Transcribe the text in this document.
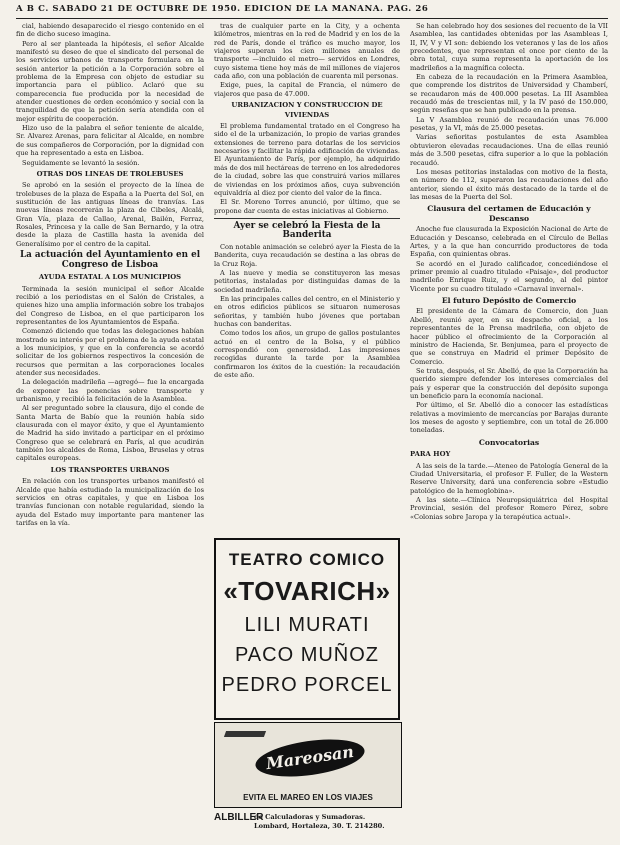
A B C. SABADO 21 DE OCTUBRE DE 1950. EDICION DE LA MAÑANA. PAG. 26

cial, habiendo desaparecido el riesgo contenido en el fin de dicho suceso imagina.

Pero al ser planteada la hipótesis, el señor Alcalde manifestó su deseo de que el sindicato del personal de los servicios urbanos de transporte formulara en la sesión anterior la petición a la Corporación sobre el problema de la Empresa con objeto de estudiar su importancia para el público. Aclaró que su comparecencia fue producida por la necesidad de atender cuestiones de orden económico y social con la tranquilidad de que la petición sería atendida con el mejor espíritu de cooperación.

Hizo uso de la palabra el señor teniente de alcalde, Sr. Alvarez Arenas, para felicitar al Alcalde, en nombre de sus compañeros de Corporación, por la dignidad con que ha representado a esta en Lisboa.

Seguidamente se levantó la sesión.

OTRAS DOS LINEAS DE TROLEBUSES

Se aprobó en la sesión el proyecto de la línea de trolebuses de la plaza de España a la Puerta del Sol, en sustitución de las antiguas líneas de tranvías. Las nuevas líneas recorrerán la plaza de Cibeles, Alcalá, Gran Vía, plaza de Callao, Arenal, Bailén, Ferraz, Rosales, Princesa y la calle de San Bernardo, y la otra desde la plaza de Castilla hasta la avenida del Generalísimo por el centro de la capital.

La actuación del Ayuntamiento en el Congreso de Lisboa
AYUDA ESTATAL A LOS MUNICIPIOS

Terminada la sesión municipal el señor Alcalde recibió a los periodistas en el Salón de Cristales, a quienes hizo una amplia información sobre los trabajos del Congreso de Lisboa, en el que participaron los representantes de los Ayuntamientos de España.

Comenzó diciendo que todas las delegaciones habían mostrado su interés por el problema de la ayuda estatal a los municipios, y que en la conferencia se acordó solicitar de los gobiernos respectivos la concesión de recursos que permitan a las corporaciones locales atender sus necesidades.

La delegación madrileña —agregó— fue la encargada de exponer las ponencias sobre transporte y urbanismo, y recibió la felicitación de la Asamblea.

Al ser preguntado sobre la clausura, dijo el conde de Santa Marta de Babío que la reunión había sido clausurada con el mayor éxito, y que el Ayuntamiento de Madrid ha sido invitado a participar en el próximo Congreso que se celebrará en París, al que acudirán también los alcaldes de Roma, Lisboa, Bruselas y otras capitales europeas.

LOS TRANSPORTES URBANOS

En relación con los transportes urbanos manifestó el Alcalde que había estudiado la municipalización de los servicios en otras capitales, y que en Lisboa los tranvías funcionan con notable regularidad, siendo la ayuda del Estado muy importante para mantener las tarifas en la vía.

tras de cualquier parte en la City, y a ochenta kilómetros, mientras en la red de Madrid y en los de la red de París, donde el tráfico es mucho mayor, los viajeros superan los cien millones anuales de transporte —incluido el metro— servidos en Londres, cuyo sistema tiene hoy más de mil millones de viajeros cada año, con una población de cuarenta mil personas.

Exige, pues, la capital de Francia, el número de viajeros que pasa de 47.000.

URBANIZACION Y CONSTRUCCION DE VIVIENDAS

El problema fundamental tratado en el Congreso ha sido el de la urbanización, lo propio de varias grandes extensiones de terreno para dotarlas de los servicios necesarios y facilitar la rápida edificación de viviendas. El Ayuntamiento de París, por ejemplo, ha adquirido más de dos mil hectáreas de terreno en los alrededores de la ciudad, sobre las que construirá varios millares de viviendas en los próximos años, cuya subvención equivaldría al diez por ciento del valor de la finca.

El Sr. Moreno Torres anunció, por último, que se propone dar cuenta de estas iniciativas al Gobierno.

Ayer se celebró la Fiesta de la Banderita

Con notable animación se celebró ayer la Fiesta de la Banderita, cuya recaudación se destina a las obras de la Cruz Roja.

A las nueve y media se constituyeron las mesas petitorias, instaladas por distinguidas damas de la sociedad madrileña.

En las principales calles del centro, en el Ministerio y en otros edificios públicos se situaron numerosas señoritas, y también hubo jóvenes que portaban huchas con banderitas.

Como todos los años, un grupo de gallos postulantes actuó en el centro de la Bolsa, y el público correspondió con generosidad. Las impresiones recogidas durante la tarde por la Asamblea confirmaron los éxitos de la cuestión: la recaudación de este año.

TEATRO COMICO
«TOVARICH»
LILI MURATI
PACO MUÑOZ
PEDRO PORCEL
Mareosan
EVITA EL MAREO EN LOS VIAJES
ALBILLER
de Calculadoras y Sumadoras. Lombard, Hortaleza, 30. T. 214280.

Se han celebrado hoy dos sesiones del recuento de la VII Asamblea, las cantidades obtenidas por las Asambleas I, II, IV, V y VI son: debiendo los veteranos y las de los años precedentes, que representan el once por ciento de la obra total, cuya suma representa la aportación de los madrileños a la magnífica colecta.

En cabeza de la recaudación en la Primera Asamblea, que comprende los distritos de Universidad y Chamberí, se recaudaron más de 400.000 pesetas. La III Asamblea recaudó más de trescientas mil, y la IV pasó de 150.000, según reseñas que se han publicado en la prensa.

La V Asamblea reunió de recaudación unas 76.000 pesetas, y la VI, más de 25.000 pesetas.

Varias señoritas postulantes de esta Asamblea obtuvieron elevadas recaudaciones. Una de ellas reunió más de 3.500 pesetas, cifra superior a lo que la población recaudó.

Los mesas petitorias instaladas con motivo de la fiesta, en número de 112, superaron las recaudaciones del año anterior, siendo el éxito más destacado de la tarde el de las mesas de la Puerta del Sol.

Clausura del certamen de Educación y Descanso

Anoche fue clausurada la Exposición Nacional de Arte de Educación y Descanso, celebrada en el Círculo de Bellas Artes, y a la que han concurrido productores de toda España, con quinientas obras.

Se acordó en el Jurado calificador, concediéndose el primer premio al cuadro titulado «Paisaje», del productor madrileño Enrique Ruiz, y el segundo, al del pintor Vicente por su cuadro titulado «Carnaval invernal».

El futuro Depósito de Comercio

El presidente de la Cámara de Comercio, don Juan Abelló, reunió ayer, en su despacho oficial, a los representantes de la Prensa madrileña, con objeto de hacer público el ofrecimiento de la Corporación al ministro de Hacienda, Sr. Benjumea, para el proyecto de que se construya en Madrid el primer Depósito de Comercio.

Se trata, después, el Sr. Abelló, de que la Corporación ha querido siempre defender los intereses comerciales del país y esperar que la construcción del depósito suponga un beneficio para la economía nacional.

Por último, el Sr. Abelló dio a conocer las estadísticas relativas a movimiento de mercancías por Barajas durante los meses de agosto y septiembre, con un total de 26.000 toneladas.

Convocatorias
PARA HOY

A las seis de la tarde.—Ateneo de Patología General de la Ciudad Universitaria, el profesor F. Fuller, de la Western Reserve University, dará una conferencia sobre «Estudio patológico de la hemoglobina».

A las siete.—Clínica Neuropsiquiátrica del Hospital Provincial, sesión del profesor Romero Pérez, sobre «Colonias sobre Jaropa y la terapéutica actual».
